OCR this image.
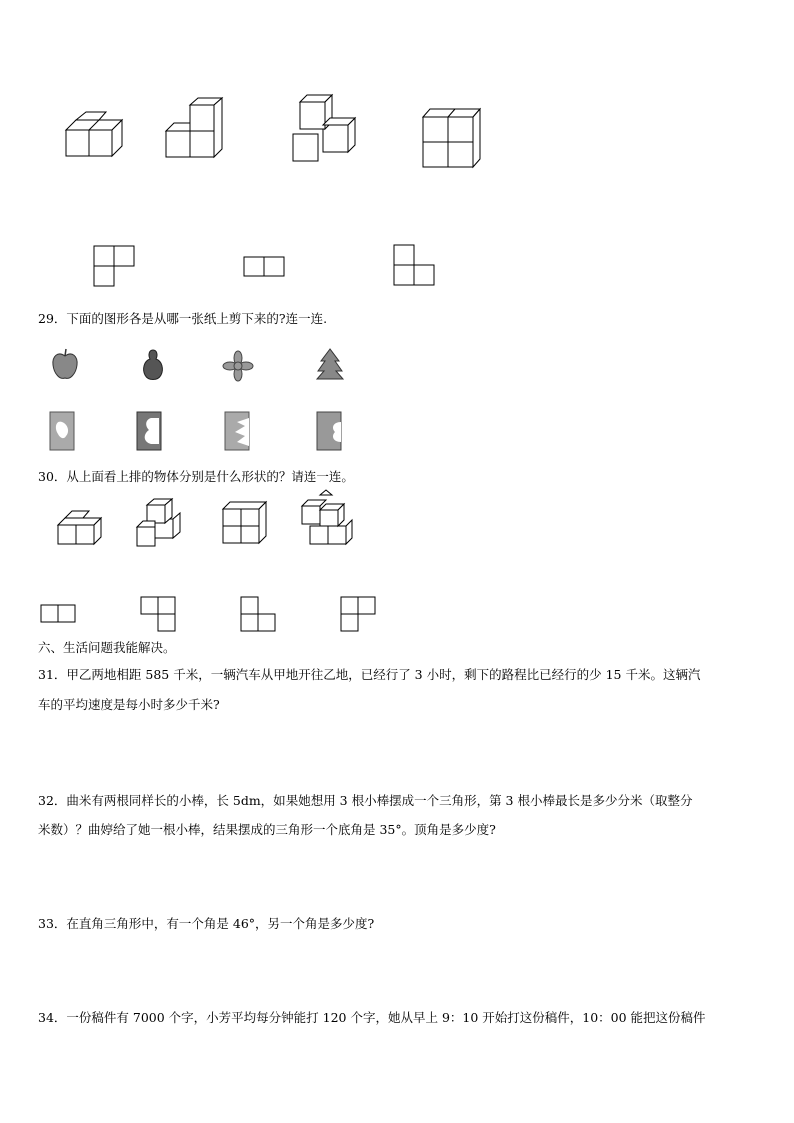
29．下面的图形各是从哪一张纸上剪下来的?连一连.
30．从上面看上排的物体分别是什么形状的？请连一连。
六、生活问题我能解决。
31．甲乙两地相距 585 千米，一辆汽车从甲地开往乙地，已经行了 3 小时，剩下的路程比已经行的少 15 千米。这辆汽
车的平均速度是每小时多少千米?
32．曲米有两根同样长的小棒，长 5dm，如果她想用 3 根小棒摆成一个三角形，第 3 根小棒最长是多少分米（取整分
米数）？曲婷给了她一根小棒，结果摆成的三角形一个底角是 35°。顶角是多少度?
33．在直角三角形中，有一个角是 46°，另一个角是多少度?
34．一份稿件有 7000 个字，小芳平均每分钟能打 120 个字，她从早上 9：10 开始打这份稿件，10：00 能把这份稿件
